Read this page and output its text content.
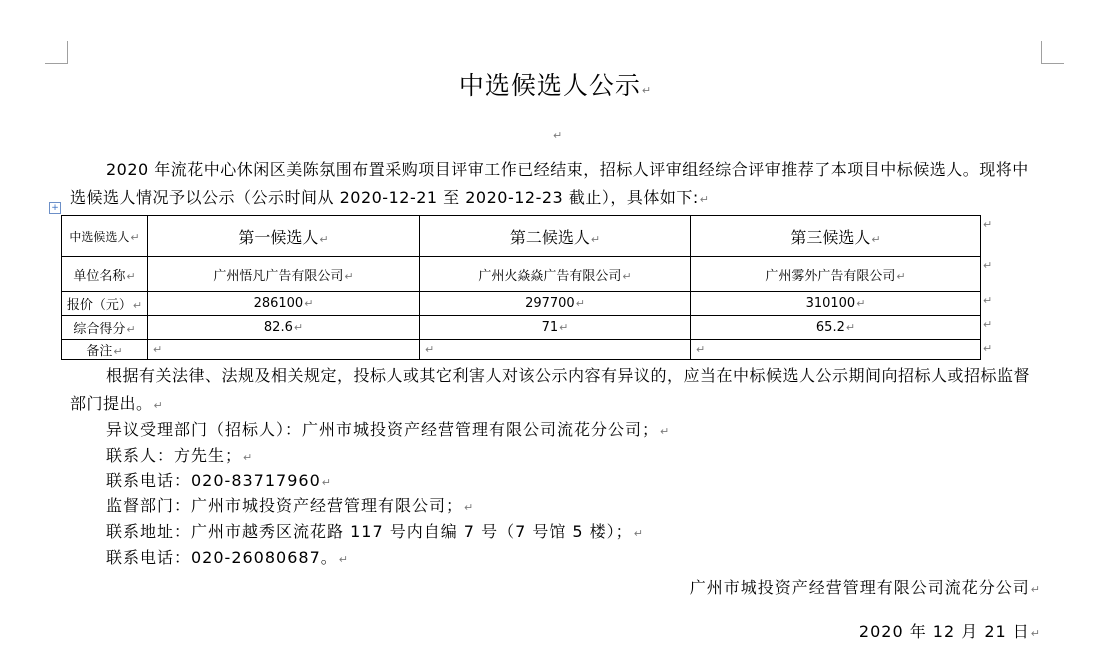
中选候选人公示↵
↵
2020 年流花中心休闲区美陈氛围布置采购项目评审工作已经结束，招标人评审组经综合评审推荐了本项目中标候选人。现将中选候选人情况予以公示（公示时间从 2020-12-21 至 2020-12-23 截止），具体如下:↵
+
中选候选人↵	第一候选人↵	第二候选人↵	第三候选人↵
单位名称↵	广州悟凡广告有限公司↵	广州火焱焱广告有限公司↵	广州雾外广告有限公司↵
报价（元）↵	286100↵	297700↵	310100↵
综合得分↵	82.6↵	71↵	65.2↵
备注↵	↵	↵	↵
↵
↵
↵
↵
↵
根据有关法律、法规及相关规定，投标人或其它利害人对该公示内容有异议的，应当在中标候选人公示期间向招标人或招标监督部门提出。↵
异议受理部门（招标人）：广州市城投资产经营管理有限公司流花分公司；↵
联系人：方先生；↵
联系电话：020-83717960↵
监督部门：广州市城投资产经营管理有限公司；↵
联系地址：广州市越秀区流花路 117 号内自编 7 号（7 号馆 5 楼）；↵
联系电话：020-26080687。↵
广州市城投资产经营管理有限公司流花分公司↵
2020 年 12 月 21 日↵
